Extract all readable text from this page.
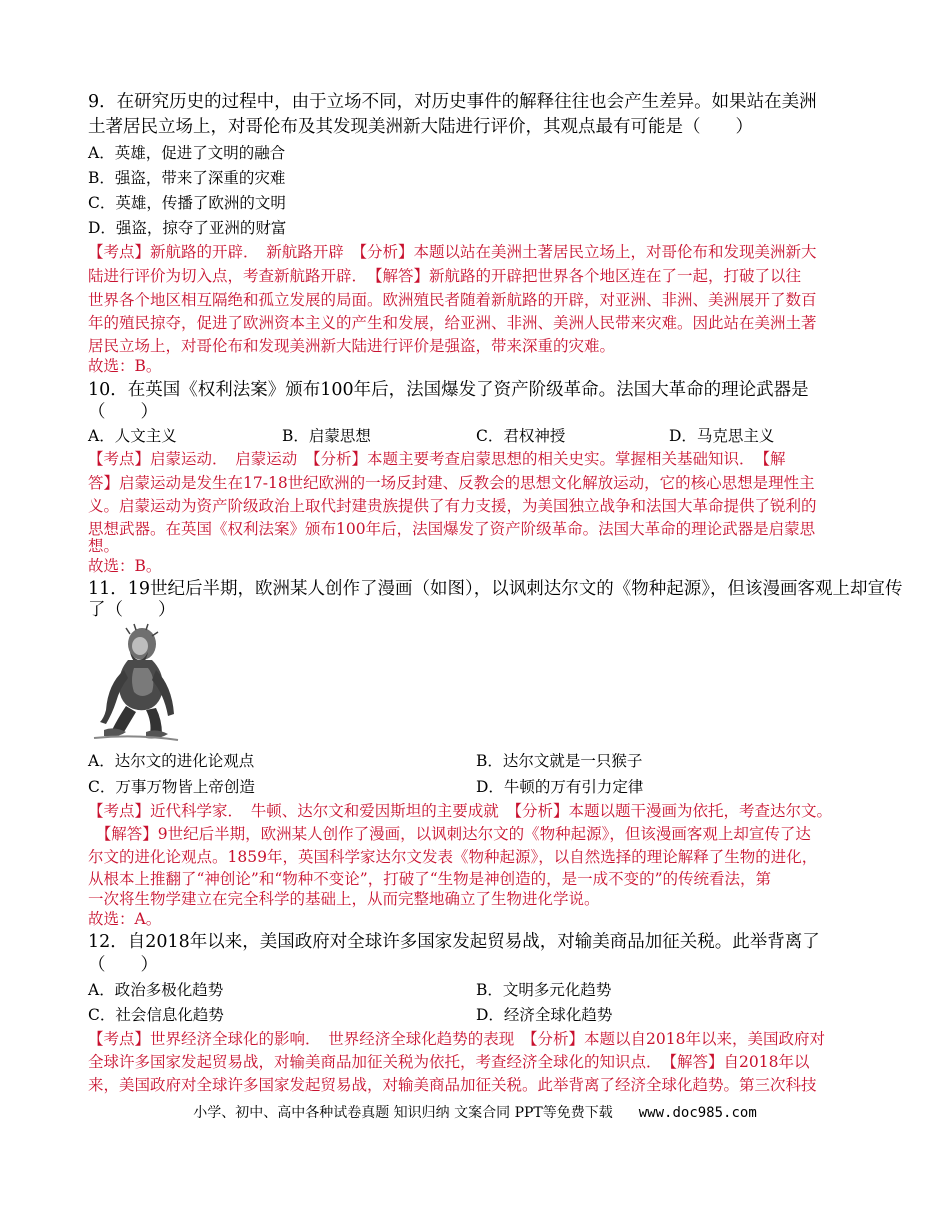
9．在研究历史的过程中，由于立场不同，对历史事件的解释往往也会产生差异。如果站在美洲
土著居民立场上，对哥伦布及其发现美洲新大陆进行评价，其观点最有可能是（　　）
A．英雄，促进了文明的融合
B．强盗，带来了深重的灾难
C．英雄，传播了欧洲的文明
D．强盗，掠夺了亚洲的财富
【考点】新航路的开辟．　新航路开辟　【分析】本题以站在美洲土著居民立场上，对哥伦布和发现美洲新大
陆进行评价为切入点，考查新航路开辟．　【解答】新航路的开辟把世界各个地区连在了一起，打破了以往
世界各个地区相互隔绝和孤立发展的局面。欧洲殖民者随着新航路的开辟，对亚洲、非洲、美洲展开了数百
年的殖民掠夺，促进了欧洲资本主义的产生和发展，给亚洲、非洲、美洲人民带来灾难。因此站在美洲土著
居民立场上，对哥伦布和发现美洲新大陆进行评价是强盗，带来深重的灾难。
故选：B。
10．在英国《权利法案》颁布100年后，法国爆发了资产阶级革命。法国大革命的理论武器是
（　　）
A．人文主义	B．启蒙思想	C．君权神授	D．马克思主义
【考点】启蒙运动．　启蒙运动　【分析】本题主要考查启蒙思想的相关史实。掌握相关基础知识．　【解
答】启蒙运动是发生在17-18世纪欧洲的一场反封建、反教会的思想文化解放运动，它的核心思想是理性主
义。启蒙运动为资产阶级政治上取代封建贵族提供了有力支援，为美国独立战争和法国大革命提供了锐利的
思想武器。在英国《权利法案》颁布100年后，法国爆发了资产阶级革命。法国大革命的理论武器是启蒙思
想。
故选：B。
11．19世纪后半期，欧洲某人创作了漫画（如图），以讽刺达尔文的《物种起源》，但该漫画客观上却宣传
了（　　）
A．达尔文的进化论观点	B．达尔文就是一只猴子
C．万事万物皆上帝创造	D．牛顿的万有引力定律
【考点】近代科学家．　牛顿、达尔文和爱因斯坦的主要成就　【分析】本题以题干漫画为依托，考查达尔文。
　【解答】9世纪后半期，欧洲某人创作了漫画，以讽刺达尔文的《物种起源》，但该漫画客观上却宣传了达
尔文的进化论观点。1859年，英国科学家达尔文发表《物种起源》，以自然选择的理论解释了生物的进化，
从根本上推翻了“神创论”和“物种不变论”，打破了“生物是神创造的，是一成不变的”的传统看法，第
一次将生物学建立在完全科学的基础上，从而完整地确立了生物进化学说。
故选：A。
12．自2018年以来，美国政府对全球许多国家发起贸易战，对输美商品加征关税。此举背离了
（　　）
A．政治多极化趋势	B．文明多元化趋势
C．社会信息化趋势	D．经济全球化趋势
【考点】世界经济全球化的影响．　世界经济全球化趋势的表现　【分析】本题以自2018年以来，美国政府对
全球许多国家发起贸易战，对输美商品加征关税为依托，考查经济全球化的知识点．　【解答】自2018年以
来，美国政府对全球许多国家发起贸易战，对输美商品加征关税。此举背离了经济全球化趋势。第三次科技
小学、初中、高中各种试卷真题 知识归纳 文案合同 PPT等免费下载 www.doc985.com
